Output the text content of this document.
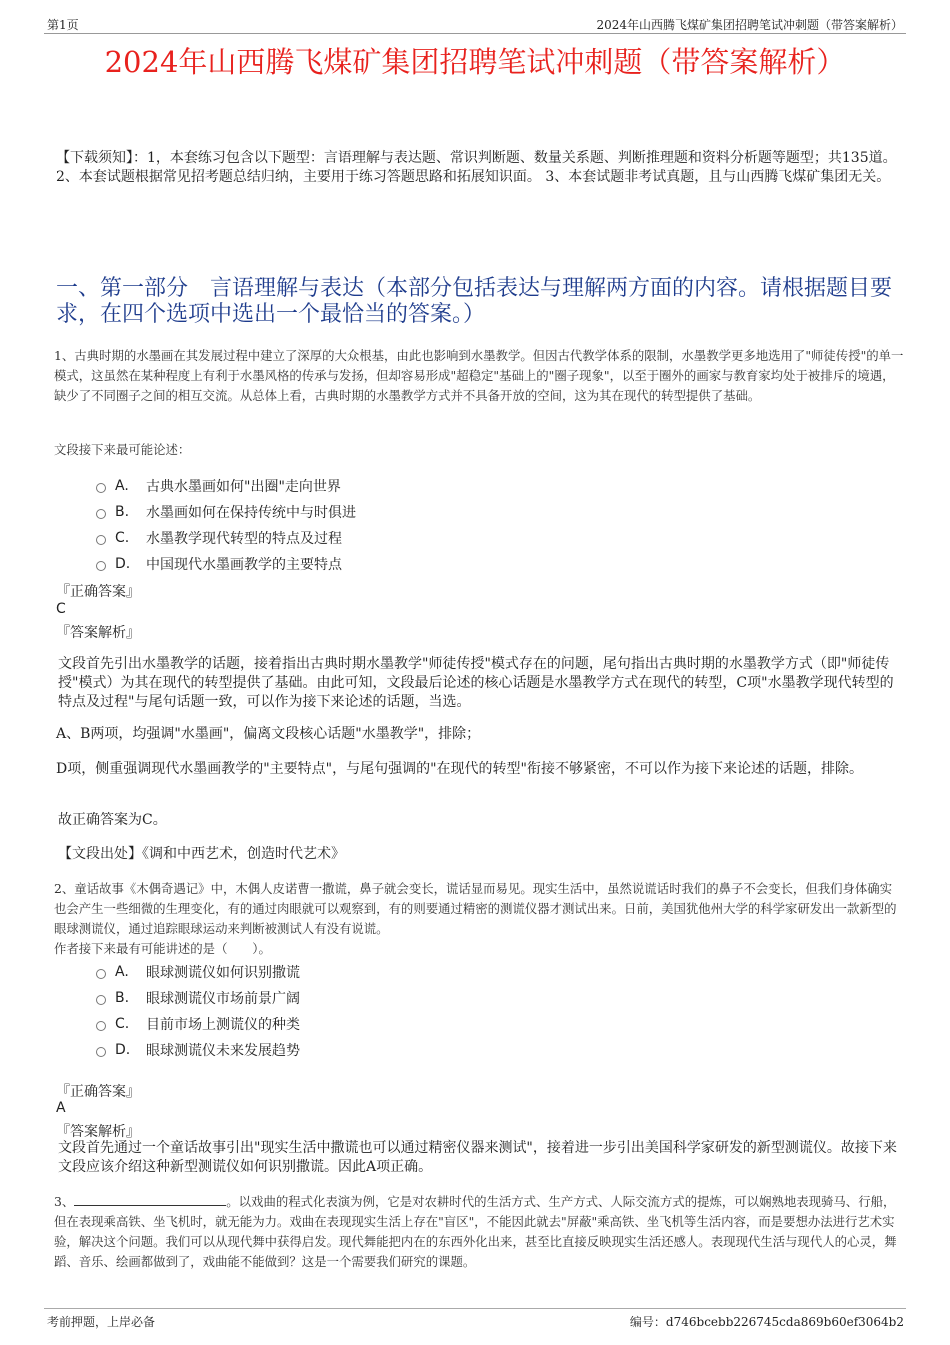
第1页	2024年山西腾飞煤矿集团招聘笔试冲刺题（带答案解析）
2024年山西腾飞煤矿集团招聘笔试冲刺题（带答案解析）
【下载须知】：1，本套练习包含以下题型：言语理解与表达题、常识判断题、数量关系题、判断推理题和资料分析题等题型；共135道。 2、本套试题根据常见招考题总结归纳，主要用于练习答题思路和拓展知识面。 3、本套试题非考试真题，且与山西腾飞煤矿集团无关。
一、第一部分　言语理解与表达（本部分包括表达与理解两方面的内容。请根据题目要求，在四个选项中选出一个最恰当的答案。）
1、古典时期的水墨画在其发展过程中建立了深厚的大众根基，由此也影响到水墨教学。但因古代教学体系的限制，水墨教学更多地选用了"师徒传授"的单一模式，这虽然在某种程度上有利于水墨风格的传承与发扬，但却容易形成"超稳定"基础上的"圈子现象"，以至于圈外的画家与教育家均处于被排斥的境遇，缺少了不同圈子之间的相互交流。从总体上看，古典时期的水墨教学方式并不具备开放的空间，这为其在现代的转型提供了基础。
文段接下来最可能论述：
A.	古典水墨画如何"出圈"走向世界
B.	水墨画如何在保持传统中与时俱进
C.	水墨教学现代转型的特点及过程
D.	中国现代水墨画教学的主要特点
『正确答案』
C
『答案解析』
文段首先引出水墨教学的话题，接着指出古典时期水墨教学"师徒传授"模式存在的问题，尾句指出古典时期的水墨教学方式（即"师徒传授"模式）为其在现代的转型提供了基础。由此可知，文段最后论述的核心话题是水墨教学方式在现代的转型，C项"水墨教学现代转型的特点及过程"与尾句话题一致，可以作为接下来论述的话题，当选。
A、B两项，均强调"水墨画"，偏离文段核心话题"水墨教学"，排除；
D项，侧重强调现代水墨画教学的"主要特点"，与尾句强调的"在现代的转型"衔接不够紧密，不可以作为接下来论述的话题，排除。
故正确答案为C。
【文段出处】《调和中西艺术，创造时代艺术》
2、童话故事《木偶奇遇记》中，木偶人皮诺曹一撒谎，鼻子就会变长，谎话显而易见。现实生活中，虽然说谎话时我们的鼻子不会变长，但我们身体确实也会产生一些细微的生理变化，有的通过肉眼就可以观察到，有的则要通过精密的测谎仪器才测试出来。日前，美国犹他州大学的科学家研发出一款新型的眼球测谎仪，通过追踪眼球运动来判断被测试人有没有说谎。
作者接下来最有可能讲述的是（　　）。
A.	眼球测谎仪如何识别撒谎
B.	眼球测谎仪市场前景广阔
C.	目前市场上测谎仪的种类
D.	眼球测谎仪未来发展趋势
『正确答案』
A
『答案解析』
文段首先通过一个童话故事引出"现实生活中撒谎也可以通过精密仪器来测试"，接着进一步引出美国科学家研发的新型测谎仪。故接下来文段应该介绍这种新型测谎仪如何识别撒谎。因此A项正确。
3、	。以戏曲的程式化表演为例，它是对农耕时代的生活方式、生产方式、人际交流方式的提炼，可以娴熟地表现骑马、行船，但在表现乘高铁、坐飞机时，就无能为力。戏曲在表现现实生活上存在"盲区"，不能因此就去"屏蔽"乘高铁、坐飞机等生活内容，而是要想办法进行艺术实验，解决这个问题。我们可以从现代舞中获得启发。现代舞能把内在的东西外化出来，甚至比直接反映现实生活还感人。表现现代生活与现代人的心灵，舞蹈、音乐、绘画都做到了，戏曲能不能做到？这是一个需要我们研究的课题。
考前押题，上岸必备	编号：d746bcebb226745cda869b60ef3064b2
